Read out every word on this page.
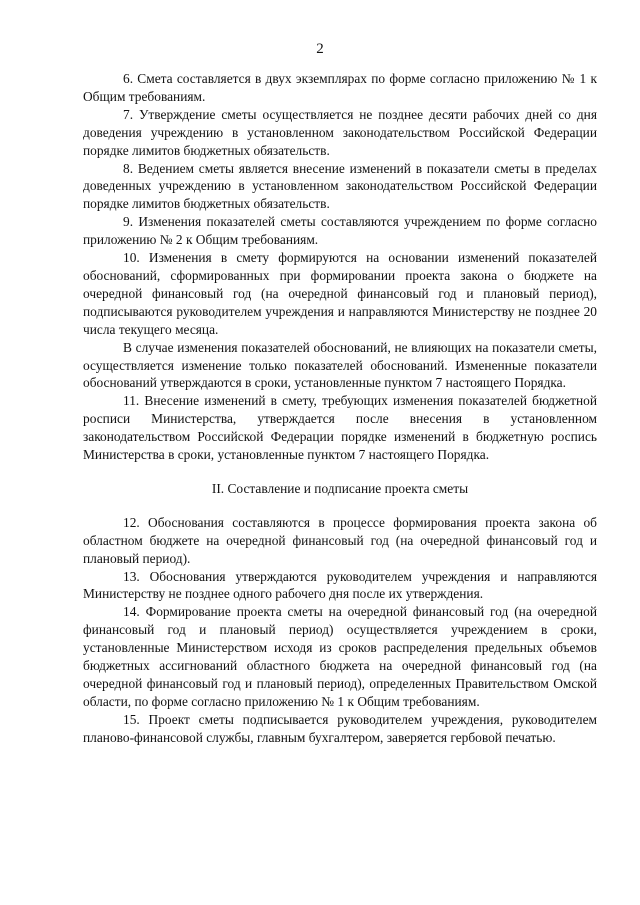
2

6. Смета составляется в двух экземплярах по форме согласно приложению № 1 к Общим требованиям.

7. Утверждение сметы осуществляется не позднее десяти рабочих дней со дня доведения учреждению в установленном законодательством Российской Федерации порядке лимитов бюджетных обязательств.

8. Ведением сметы является внесение изменений в показатели сметы в пределах доведенных учреждению в установленном законодательством Российской Федерации порядке лимитов бюджетных обязательств.

9. Изменения показателей сметы составляются учреждением по форме согласно приложению № 2 к Общим требованиям.

10. Изменения в смету формируются на основании изменений показателей обоснований, сформированных при формировании проекта закона о бюджете на очередной финансовый год (на очередной финансовый год и плановый период), подписываются руководителем учреждения и направляются Министерству не позднее 20 числа текущего месяца.

В случае изменения показателей обоснований, не влияющих на показатели сметы, осуществляется изменение только показателей обоснований. Измененные показатели обоснований утверждаются в сроки, установленные пунктом 7 настоящего Порядка.

11. Внесение изменений в смету, требующих изменения показателей бюджетной росписи Министерства, утверждается после внесения в установленном законодательством Российской Федерации порядке изменений в бюджетную роспись Министерства в сроки, установленные пунктом 7 настоящего Порядка.

II. Составление и подписание проекта сметы

12. Обоснования составляются в процессе формирования проекта закона об областном бюджете на очередной финансовый год (на очередной финансовый год и плановый период).

13. Обоснования утверждаются руководителем учреждения и направляются Министерству не позднее одного рабочего дня после их утверждения.

14. Формирование проекта сметы на очередной финансовый год (на очередной финансовый год и плановый период) осуществляется учреждением в сроки, установленные Министерством исходя из сроков распределения предельных объемов бюджетных ассигнований областного бюджета на очередной финансовый год (на очередной финансовый год и плановый период), определенных Правительством Омской области, по форме согласно приложению № 1 к Общим требованиям.

15. Проект сметы подписывается руководителем учреждения, руководителем планово-финансовой службы, главным бухгалтером, заверяется гербовой печатью.
